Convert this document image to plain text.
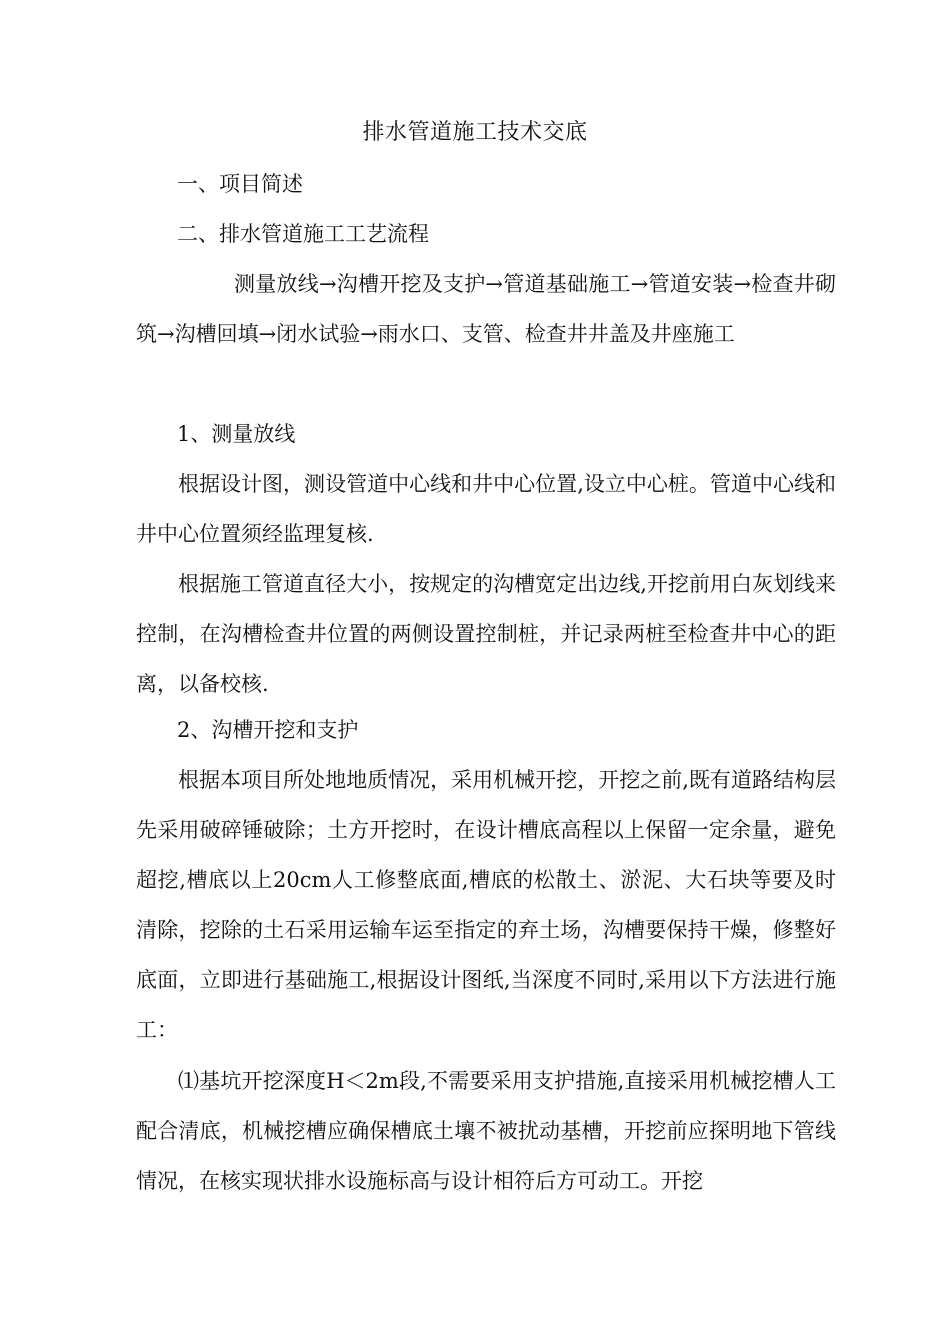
排水管道施工技术交底
一、项目简述
二、排水管道施工工艺流程

测量放线→沟槽开挖及支护→管道基础施工→管道安装→检查井砌筑→沟槽回填→闭水试验→雨水口、支管、检查井井盖及井座施工

1、测量放线

根据设计图，测设管道中心线和井中心位置,设立中心桩。管道中心线和井中心位置须经监理复核.

根据施工管道直径大小，按规定的沟槽宽定出边线,开挖前用白灰划线来控制，在沟槽检查井位置的两侧设置控制桩，并记录两桩至检查井中心的距离，以备校核.

2、沟槽开挖和支护

根据本项目所处地地质情况，采用机械开挖，开挖之前,既有道路结构层先采用破碎锤破除；土方开挖时，在设计槽底高程以上保留一定余量，避免超挖,槽底以上20cm人工修整底面,槽底的松散土、淤泥、大石块等要及时清除，挖除的土石采用运输车运至指定的弃土场，沟槽要保持干燥，修整好底面，立即进行基础施工,根据设计图纸,当深度不同时,采用以下方法进行施工：

⑴基坑开挖深度H＜2m段,不需要采用支护措施,直接采用机械挖槽人工配合清底，机械挖槽应确保槽底土壤不被扰动基槽，开挖前应探明地下管线情况，在核实现状排水设施标高与设计相符后方可动工。开挖
